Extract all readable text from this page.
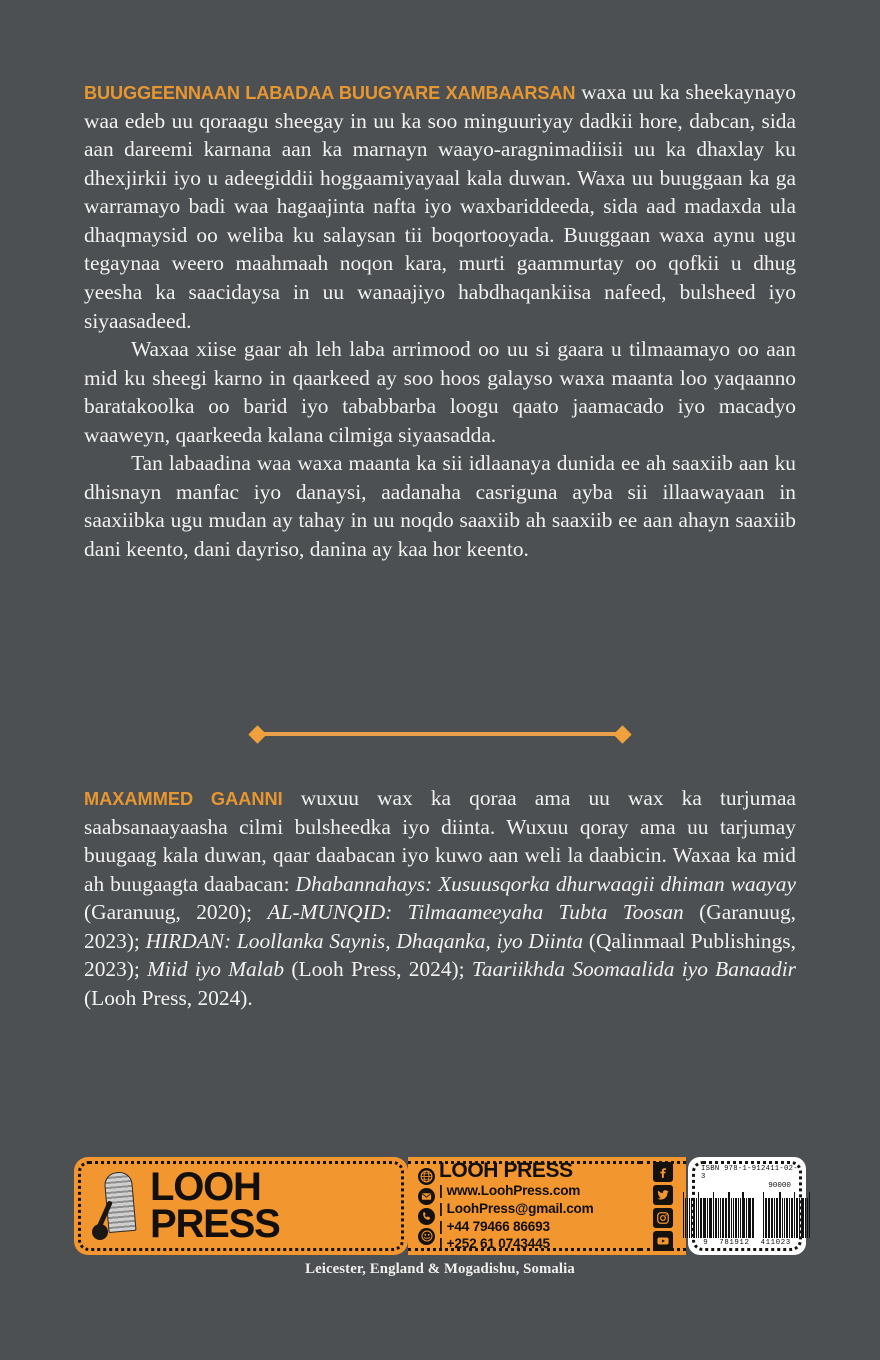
BUUGGEENNAAN LABADAA BUUGYARE XAMBAARSAN waxa uu ka sheekaynayo waa edeb uu qoraagu sheegay in uu ka soo minguuriyay dadkii hore, dabcan, sida aan dareemi karnana aan ka marnayn waayo-aragnimadiisii uu ka dhaxlay ku dhexjirkii iyo u adeegiddii hoggaamiyayaal kala duwan. Waxa uu buuggaan ka ga warramayo badi waa hagaajinta nafta iyo waxbariddeeda, sida aad madaxda ula dhaqmaysid oo weliba ku salaysan tii boqortooyada. Buuggaan waxa aynu ugu tegaynaa weero maahmaah noqon kara, murti gaammurtay oo qofkii u dhug yeesha ka saacidaysa in uu wanaajiyo habdhaqankiisa nafeed, bulsheed iyo siyaasadeed.

Waxaa xiise gaar ah leh laba arrimood oo uu si gaara u tilmaamayo oo aan mid ku sheegi karno in qaarkeed ay soo hoos galayso waxa maanta loo yaqaanno baratakoolka oo barid iyo tababbarba loogu qaato jaamacado iyo macadyo waaweyn, qaarkeeda kalana cilmiga siyaasadda.

Tan labaadina waa waxa maanta ka sii idlaanaya dunida ee ah saaxiib aan ku dhisnayn manfac iyo danaysi, aadanaha casriguna ayba sii illaawayaan in saaxiibka ugu mudan ay tahay in uu noqdo saaxiib ah saaxiib ee aan ahayn saaxiib dani keento, dani dayriso, danina ay kaa hor keento.

MAXAMMED GAANNI wuxuu wax ka qoraa ama uu wax ka turjumaa saabsanaayaasha cilmi bulsheedka iyo diinta. Wuxuu qoray ama uu tarjumay buugaag kala duwan, qaar daabacan iyo kuwo aan weli la daabicin. Waxaa ka mid ah buugaagta daabacan: Dhabannahays: Xusuusqorka dhurwaagii dhiman waayay (Garanuug, 2020); AL-MUNQID: Tilmaameeyaha Tubta Toosan (Garanuug, 2023); HIRDAN: Loollanka Saynis, Dhaqanka, iyo Diinta (Qalinmaal Publishings, 2023); Miid iyo Malab (Looh Press, 2024); Taariikhda Soomaalida iyo Banaadir (Looh Press, 2024).

LOOH
PRESS
LOOH PRESS
| www.LoohPress.com
| LoohPress@gmail.com
| +44 79466 86693
| +252 61 0743445
ISBN 978-1-912411-02-3
90000
9 781912 411023
Leicester, England & Mogadishu, Somalia
